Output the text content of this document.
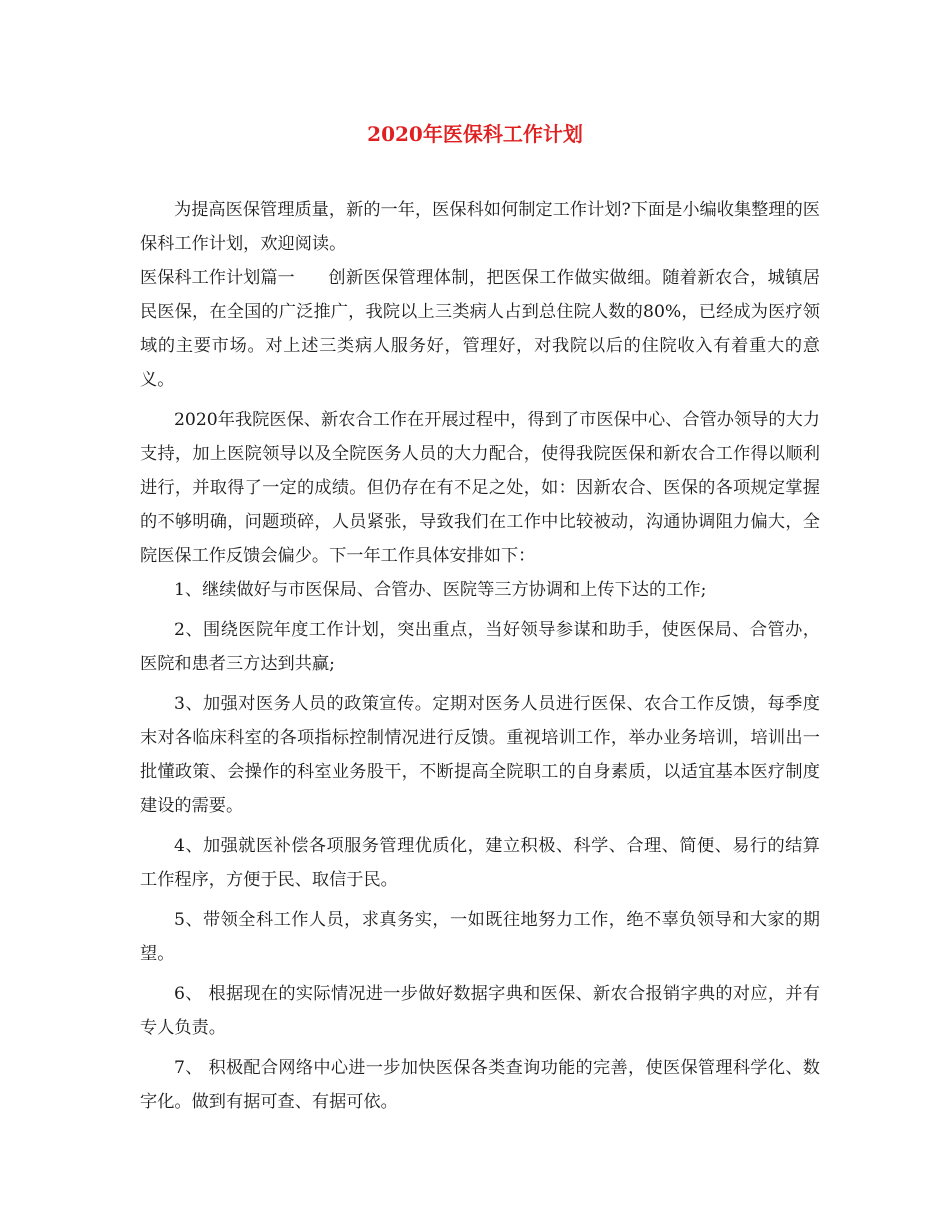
2020年医保科工作计划

为提高医保管理质量，新的一年，医保科如何制定工作计划?下面是小编收集整理的医保科工作计划，欢迎阅读。

医保科工作计划篇一 创新医保管理体制，把医保工作做实做细。随着新农合，城镇居民医保，在全国的广泛推广，我院以上三类病人占到总住院人数的80%，已经成为医疗领域的主要市场。对上述三类病人服务好，管理好，对我院以后的住院收入有着重大的意义。

2020年我院医保、新农合工作在开展过程中，得到了市医保中心、合管办领导的大力支持，加上医院领导以及全院医务人员的大力配合，使得我院医保和新农合工作得以顺利进行，并取得了一定的成绩。但仍存在有不足之处，如：因新农合、医保的各项规定掌握的不够明确，问题琐碎，人员紧张，导致我们在工作中比较被动，沟通协调阻力偏大，全院医保工作反馈会偏少。下一年工作具体安排如下：

1、继续做好与市医保局、合管办、医院等三方协调和上传下达的工作;

2、围绕医院年度工作计划，突出重点，当好领导参谋和助手，使医保局、合管办，医院和患者三方达到共赢;

3、加强对医务人员的政策宣传。定期对医务人员进行医保、农合工作反馈，每季度末对各临床科室的各项指标控制情况进行反馈。重视培训工作，举办业务培训，培训出一批懂政策、会操作的科室业务股干，不断提高全院职工的自身素质，以适宜基本医疗制度建设的需要。

4、加强就医补偿各项服务管理优质化，建立积极、科学、合理、简便、易行的结算工作程序，方便于民、取信于民。

5、带领全科工作人员，求真务实，一如既往地努力工作，绝不辜负领导和大家的期望。

6、 根据现在的实际情况进一步做好数据字典和医保、新农合报销字典的对应，并有专人负责。

7、 积极配合网络中心进一步加快医保各类查询功能的完善，使医保管理科学化、数字化。做到有据可查、有据可依。
